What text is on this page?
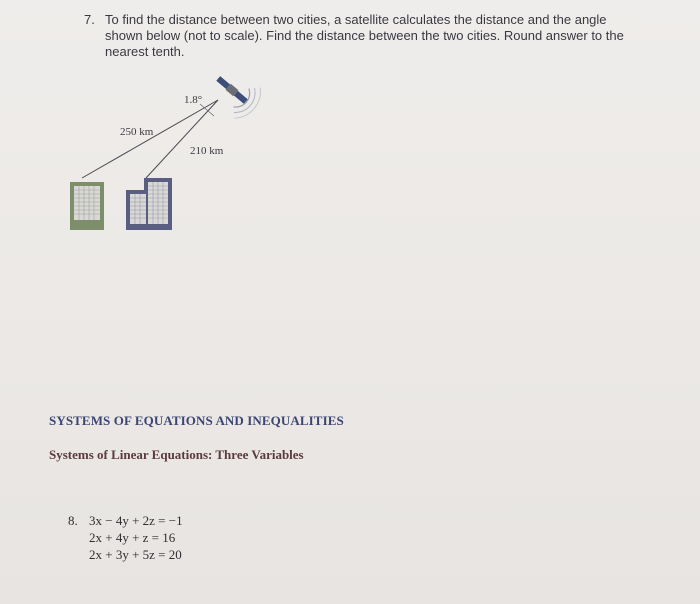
7. To find the distance between two cities, a satellite calculates the distance and the angle
shown below (not to scale). Find the distance between the two cities. Round answer to the
nearest tenth.
1.8°
250 km
210 km
SYSTEMS OF EQUATIONS AND INEQUALITIES
Systems of Linear Equations: Three Variables
8. 3x − 4y + 2z = −1
2x + 4y + z = 16
2x + 3y + 5z = 20
